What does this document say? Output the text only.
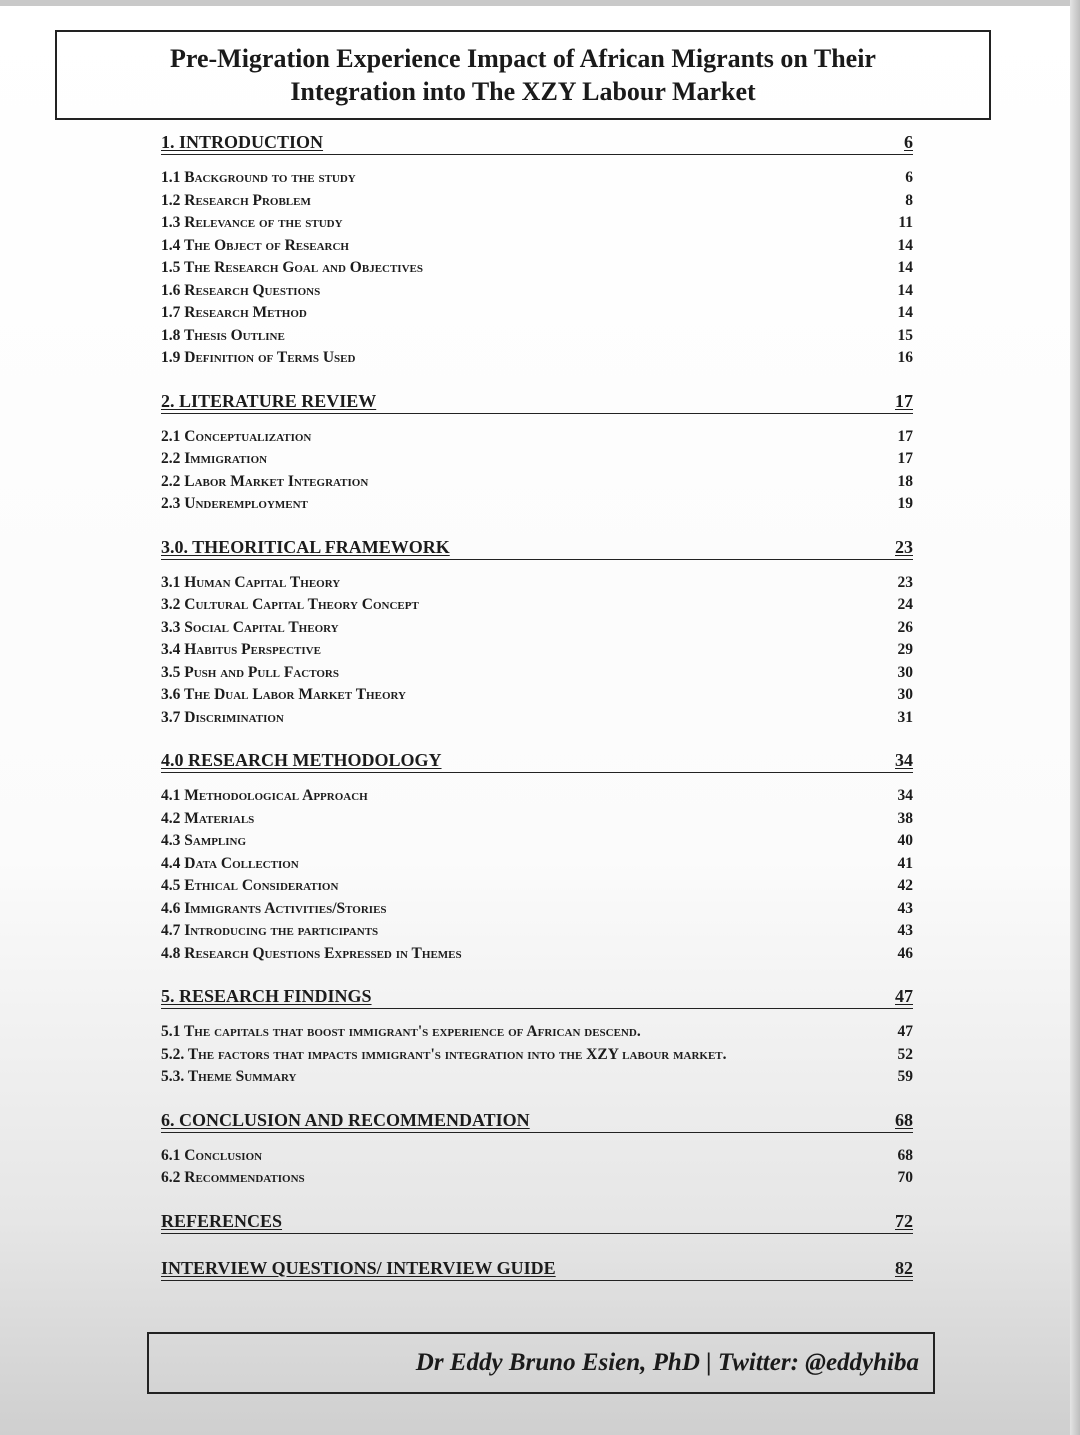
Pre-Migration Experience Impact of African Migrants on Their Integration into The XZY Labour Market
1. INTRODUCTION	6
1.1 Background to the study	6
1.2 Research Problem	8
1.3 Relevance of the study	11
1.4 The Object of Research	14
1.5 The Research Goal and Objectives	14
1.6 Research Questions	14
1.7 Research Method	14
1.8 Thesis Outline	15
1.9 Definition of Terms Used	16
2. LITERATURE REVIEW	17
2.1 Conceptualization	17
2.2 Immigration	17
2.2 Labor Market Integration	18
2.3 Underemployment	19
3.0. THEORITICAL FRAMEWORK	23
3.1 Human Capital Theory	23
3.2 Cultural Capital Theory Concept	24
3.3 Social Capital Theory	26
3.4 Habitus Perspective	29
3.5 Push and Pull Factors	30
3.6 The Dual Labor Market Theory	30
3.7 Discrimination	31
4.0 RESEARCH METHODOLOGY	34
4.1 Methodological Approach	34
4.2 Materials	38
4.3 Sampling	40
4.4 Data Collection	41
4.5 Ethical Consideration	42
4.6 Immigrants Activities/Stories	43
4.7 Introducing the participants	43
4.8 Research Questions Expressed in Themes	46
5. RESEARCH FINDINGS	47
5.1 The capitals that boost immigrant's experience of African descend.	47
5.2. The factors that impacts immigrant's integration into the XZY labour market.	52
5.3. Theme Summary	59
6. CONCLUSION AND RECOMMENDATION	68
6.1 Conclusion	68
6.2 Recommendations	70
REFERENCES	72
INTERVIEW QUESTIONS/ INTERVIEW GUIDE	82
Dr Eddy Bruno Esien, PhD | Twitter: @eddyhiba
